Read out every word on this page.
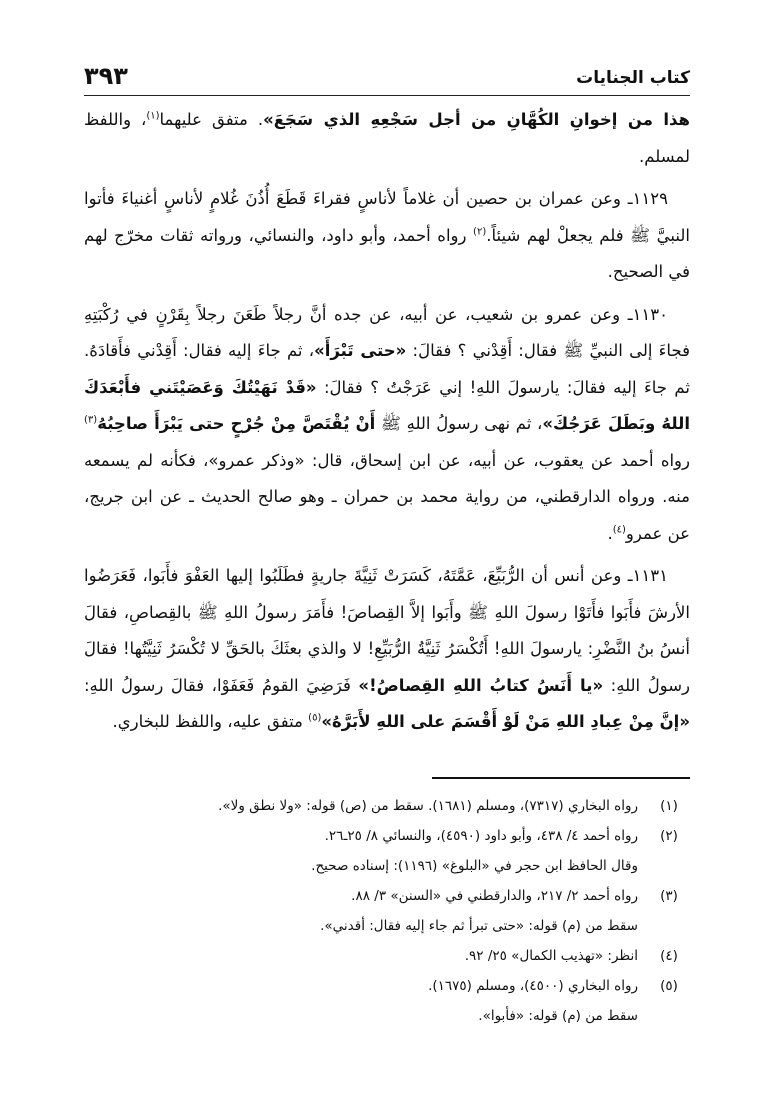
كتاب الجنايات
٣٩٣

هذا من إخوانِ الكُهَّانِ من أجل سَجْعِهِ الذي سَجَعَ». متفق عليهما$^{(١)}$، واللفظ لمسلم.

١١٢٩ـ وعن عمران بن حصين أن غلاماً لأناسٍ فقراءَ قَطَعَ أُذُنَ غُلامٍ لأناسٍ أغنياءَ فأتوا النبيَّ ﷺ فلم يجعلْ لهم شيئاً.$^{(٢)}$ رواه أحمد، وأبو داود، والنسائي، ورواته ثقات مخرّج لهم في الصحيح.

١١٣٠ـ وعن عمرو بن شعيب، عن أبيه، عن جده أنَّ رجلاً طَعَنَ رجلاً بِقَرْنٍ في رُكْبَتِهِ فجاءَ إلى النبيِّ ﷺ فقال: أَقِدْني ؟ فقالَ: «حتى تَبْرَأَ»، ثم جاءَ إليه فقال: أَقِدْني فأَقادَهُ. ثم جاءَ إليه فقالَ: يارسولَ اللهِ! إني عَرَجْتُ ؟ فقالَ: «قَدْ نَهَيْتُكَ وَعَصَيْتَني فأَبْعَدَكَ اللهُ وبَطَلَ عَرَجُكَ»، ثم نهى رسولُ اللهِ ﷺ أَنْ يُقْتَصَّ مِنْ جُرْحٍ حتى يَبْرَأَ صاحِبُهُ$^{(٣)}$ رواه أحمد عن يعقوب، عن أبيه، عن ابن إسحاق، قال: «وذكر عمرو»، فكأنه لم يسمعه منه. ورواه الدارقطني، من رواية محمد بن حمران ـ وهو صالح الحديث ـ عن ابن جريج، عن عمرو$^{(٤)}$.

١١٣١ـ وعن أنس أن الرُّبَيِّعَ، عَمَّتَهُ، كَسَرَتْ ثَنِيَّةَ جاريةٍ فطَلَبُوا إليها العَفْوَ فأَبَوا، فَعَرَضُوا الأرشَ فأَبَوا فأَتَوْا رسولَ اللهِ ﷺ وأَبَوا إلاَّ القِصاصَ! فأَمَرَ رسولُ اللهِ ﷺ بالقِصاصِ، فقالَ أنسُ بنُ النَّضْرِ: يارسولَ اللهِ! أَتُكْسَرُ ثَنِيَّةُ الرُّبَيِّعِ! لا والذي بعثَكَ بالحَقِّ لا تُكْسَرُ ثَنِيَّتُها! فقالَ رسولُ اللهِ: «يا أَنَسُ كتابُ اللهِ القِصاصُ!» فَرَضِيَ القومُ فَعَفَوْا، فقالَ رسولُ اللهِ: «إنَّ مِنْ عِبادِ اللهِ مَنْ لَوْ أَقْسَمَ على اللهِ لأَبَرَّهُ»$^{(٥)}$ متفق عليه، واللفظ للبخاري.

(١)
رواه البخاري (٧٣١٧)، ومسلم (١٦٨١). سقط من (ص) قوله: «ولا نطق ولا».
(٢)
رواه أحمد ٤/ ٤٣٨، وأبو داود (٤٥٩٠)، والنسائي ٨/ ٢٥ـ٢٦.
وقال الحافظ ابن حجر في «البلوغ» (١١٩٦): إسناده صحيح.
(٣)
رواه أحمد ٢/ ٢١٧، والدارقطني في «السنن» ٣/ ٨٨.
سقط من (م) قوله: «حتى تبرأ ثم جاء إليه فقال: أقدني».
(٤)
انظر: «تهذيب الكمال» ٢٥/ ٩٢.
(٥)
رواه البخاري (٤٥٠٠)، ومسلم (١٦٧٥).
سقط من (م) قوله: «فأبوا».
